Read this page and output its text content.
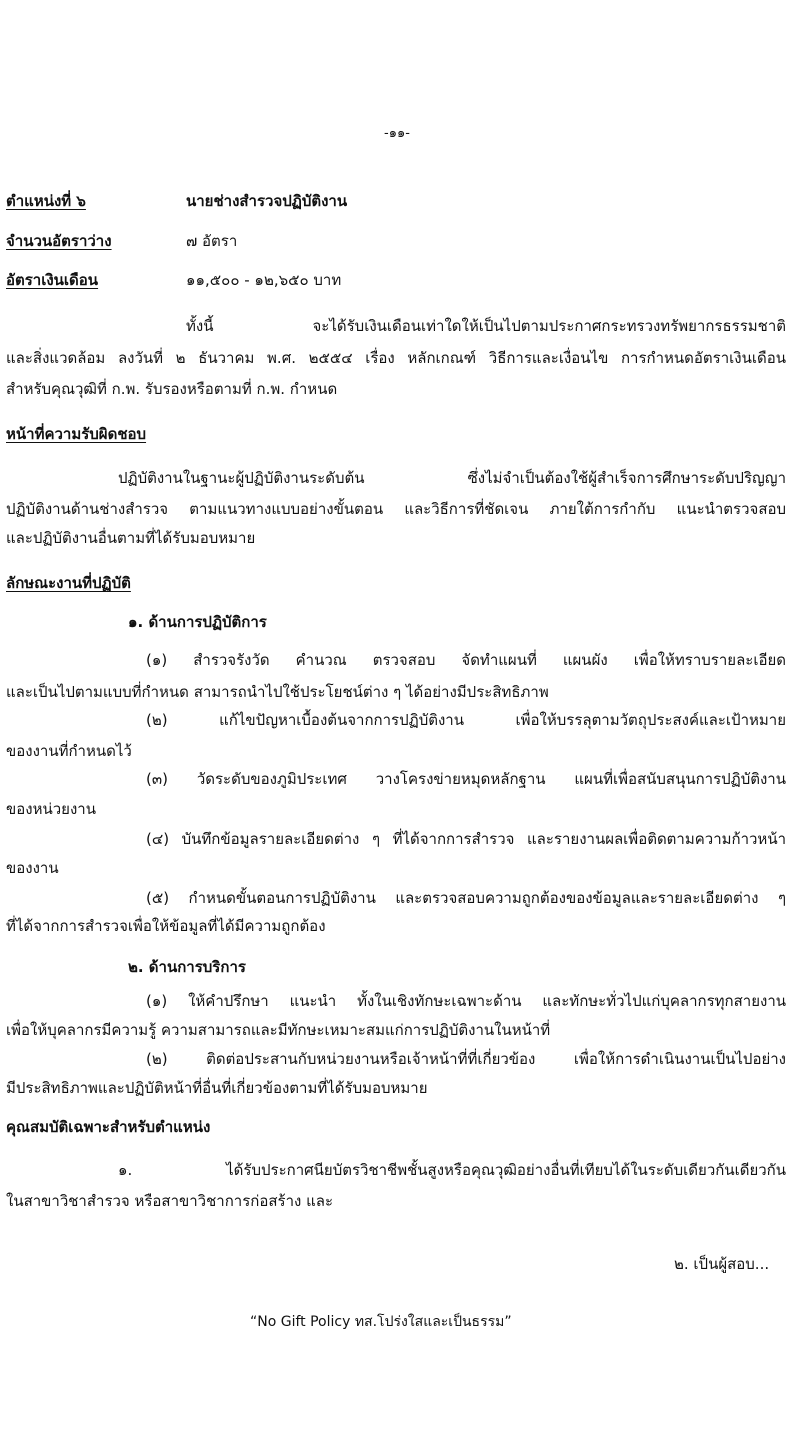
-๑๑-
ตำแหน่งที่ ๖	นายช่างสำรวจปฏิบัติงาน
จำนวนอัตราว่าง	๗ อัตรา
อัตราเงินเดือน	๑๑,๕๐๐ - ๑๒,๖๕๐ บาท
ทั้งนี้ จะได้รับเงินเดือนเท่าใดให้เป็นไปตามประกาศกระทรวงทรัพยากรธรรมชาติ
และสิ่งแวดล้อม ลงวันที่ ๒ ธันวาคม พ.ศ. ๒๕๕๔ เรื่อง หลักเกณฑ์ วิธีการและเงื่อนไข การกำหนดอัตราเงินเดือน
สำหรับคุณวุฒิที่ ก.พ. รับรองหรือตามที่ ก.พ. กำหนด
หน้าที่ความรับผิดชอบ
ปฏิบัติงานในฐานะผู้ปฏิบัติงานระดับต้น ซึ่งไม่จำเป็นต้องใช้ผู้สำเร็จการศึกษาระดับปริญญา
ปฏิบัติงานด้านช่างสำรวจ ตามแนวทางแบบอย่างขั้นตอน และวิธีการที่ชัดเจน ภายใต้การกำกับ แนะนำตรวจสอบ
และปฏิบัติงานอื่นตามที่ได้รับมอบหมาย
ลักษณะงานที่ปฏิบัติ
๑. ด้านการปฏิบัติการ
(๑) สำรวจรังวัด คำนวณ ตรวจสอบ จัดทำแผนที่ แผนผัง เพื่อให้ทราบรายละเอียด
และเป็นไปตามแบบที่กำหนด สามารถนำไปใช้ประโยชน์ต่าง ๆ ได้อย่างมีประสิทธิภาพ
(๒) แก้ไขปัญหาเบื้องต้นจากการปฏิบัติงาน เพื่อให้บรรลุตามวัตถุประสงค์และเป้าหมาย
ของงานที่กำหนดไว้
(๓) วัดระดับของภูมิประเทศ วางโครงข่ายหมุดหลักฐาน แผนที่เพื่อสนับสนุนการปฏิบัติงาน
ของหน่วยงาน
(๔) บันทึกข้อมูลรายละเอียดต่าง ๆ ที่ได้จากการสำรวจ และรายงานผลเพื่อติดตามความก้าวหน้า
ของงาน
(๕) กำหนดขั้นตอนการปฏิบัติงาน และตรวจสอบความถูกต้องของข้อมูลและรายละเอียดต่าง ๆ
ที่ได้จากการสำรวจเพื่อให้ข้อมูลที่ได้มีความถูกต้อง
๒. ด้านการบริการ
(๑) ให้คำปรึกษา แนะนำ ทั้งในเชิงทักษะเฉพาะด้าน และทักษะทั่วไปแก่บุคลากรทุกสายงาน
เพื่อให้บุคลากรมีความรู้ ความสามารถและมีทักษะเหมาะสมแก่การปฏิบัติงานในหน้าที่
(๒) ติดต่อประสานกับหน่วยงานหรือเจ้าหน้าที่ที่เกี่ยวข้อง เพื่อให้การดำเนินงานเป็นไปอย่าง
มีประสิทธิภาพและปฏิบัติหน้าที่อื่นที่เกี่ยวข้องตามที่ได้รับมอบหมาย
คุณสมบัติเฉพาะสำหรับตำแหน่ง
๑. ได้รับประกาศนียบัตรวิชาชีพชั้นสูงหรือคุณวุฒิอย่างอื่นที่เทียบได้ในระดับเดียวกันเดียวกัน
ในสาขาวิชาสำรวจ หรือสาขาวิชาการก่อสร้าง และ
๒. เป็นผู้สอบ...
“No Gift Policy ทส.โปร่งใสและเป็นธรรม”
